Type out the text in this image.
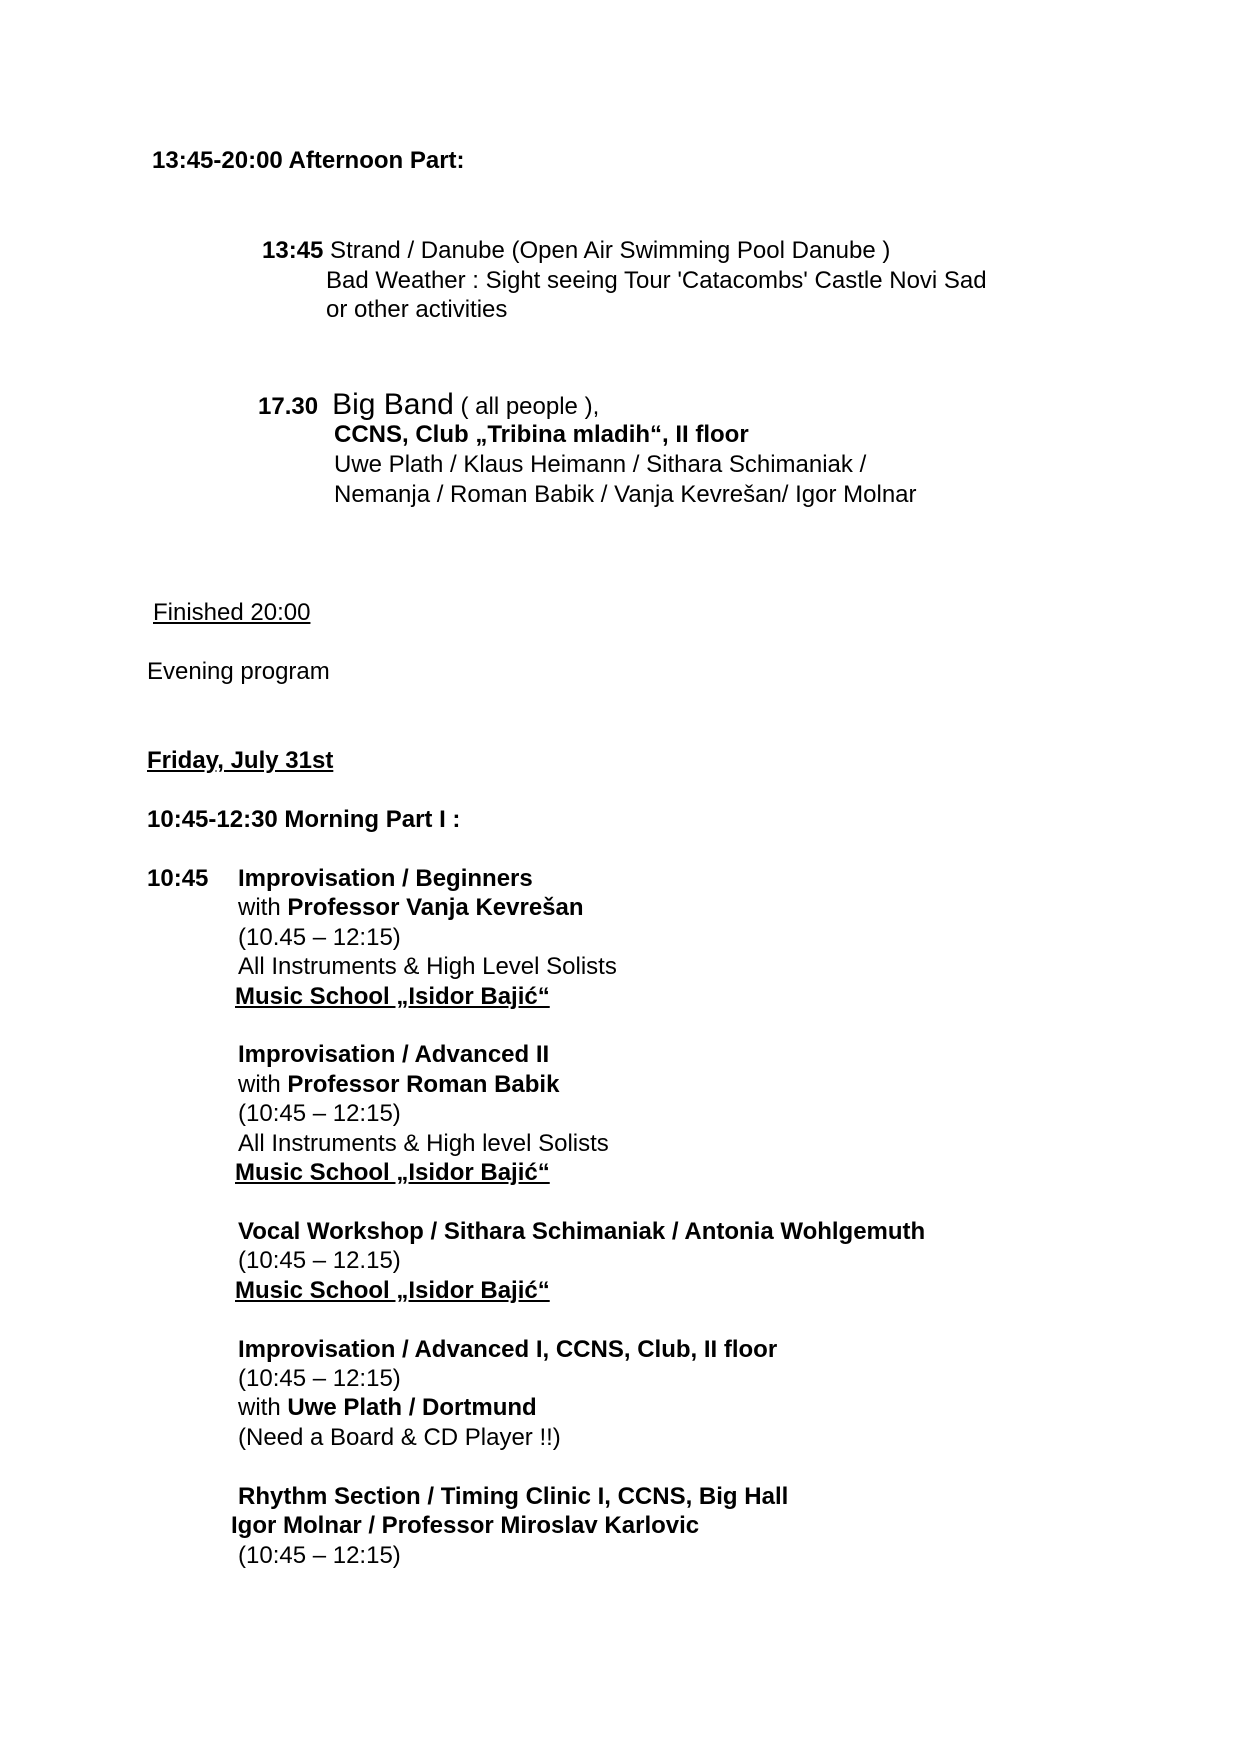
13:45-20:00 Afternoon Part:
13:45 Strand / Danube (Open Air Swimming Pool Danube )
Bad Weather : Sight seeing Tour 'Catacombs' Castle Novi Sad
or other activities
17.30 Big Band ( all people ),
CCNS, Club „Tribina mladih“, II floor
Uwe Plath / Klaus Heimann / Sithara Schimaniak /
Nemanja / Roman Babik / Vanja Kevrešan/ Igor Molnar
Finished 20:00
Evening program
Friday, July 31st
10:45-12:30 Morning Part I :
10:45 Improvisation / Beginners
with Professor Vanja Kevrešan
(10.45 – 12:15)
All Instruments & High Level Solists
Music School „Isidor Bajić“
Improvisation / Advanced II
with Professor Roman Babik
(10:45 – 12:15)
All Instruments & High level Solists
Music School „Isidor Bajić“
Vocal Workshop / Sithara Schimaniak / Antonia Wohlgemuth
(10:45 – 12.15)
Music School „Isidor Bajić“
Improvisation / Advanced I, CCNS, Club, II floor
(10:45 – 12:15)
with Uwe Plath / Dortmund
(Need a Board & CD Player !!)
Rhythm Section / Timing Clinic I, CCNS, Big Hall
Igor Molnar / Professor Miroslav Karlovic
(10:45 – 12:15)
